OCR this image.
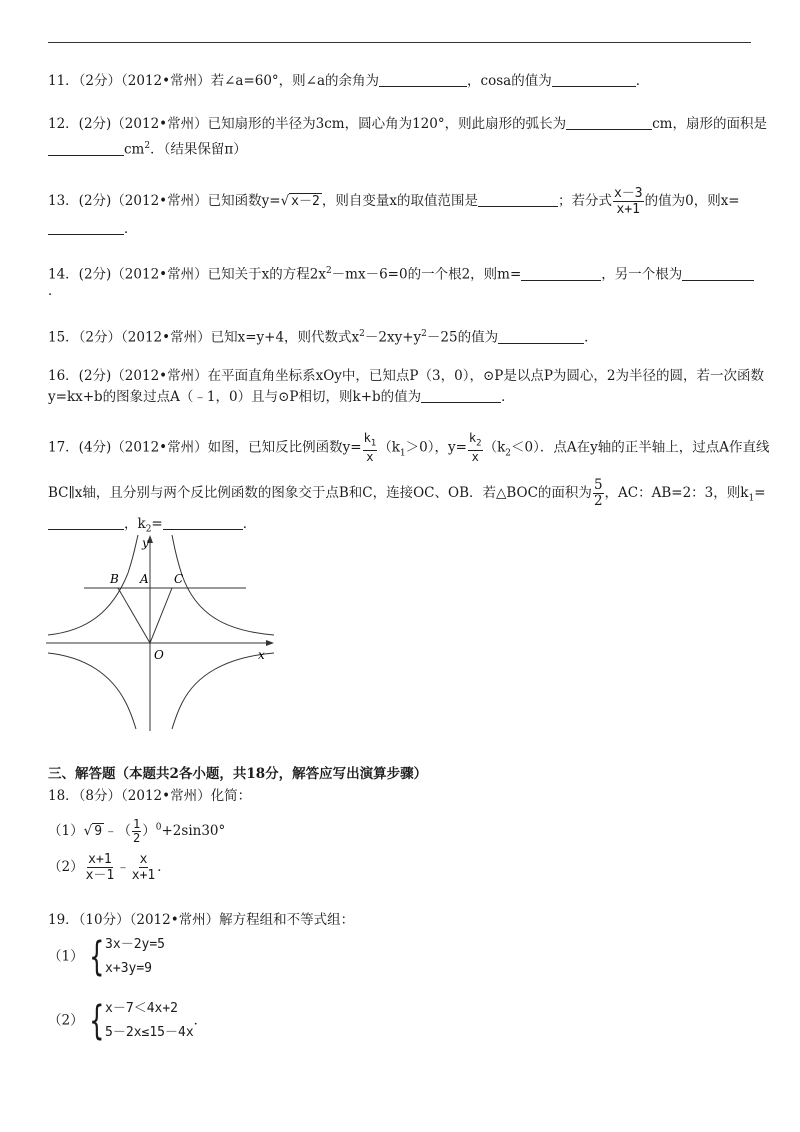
11．（2分）（2012•常州）若∠a=60°，则∠a的余角为	，cosa的值为	．
12．(2分)（2012•常州）已知扇形的半径为3cm，圆心角为120°，则此扇形的弧长为	cm，扇形的面积是
$cm^2$．（结果保留π）
13．(2分)（2012•常州）已知函数y=√ x－2 ，则自变量x的取值范围是	；若分式 $\frac{x-3}{x+1}$ 的值为0，则x=
．
14．(2分)（2012•常州）已知关于x的方程$2x^2-mx-6=0$的一个根2，则m=	，另一个根为
．
15．（2分）（2012•常州）已知x=y+4，则代数式$x^2-2xy+y^2-25$的值为	．
16．(2分)（2012•常州）在平面直角坐标系xOy中，已知点P（3，0），⊙P是以点P为圆心，2为半径的圆，若一次函数
y=kx+b的图象过点A（﹣1，0）且与⊙P相切，则k+b的值为	．
17．(4分)（2012•常州）如图，已知反比例函数$y= \frac{k_1}{x} (k_1>0)$，$y= \frac{k_2}{x} (k_2<0)$．点A在y轴的正半轴上，过点A作直线
BC∥x轴，且分别与两个反比例函数的图象交于点B和C，连接OC、OB．若△BOC的面积为 $\frac{5}{2}$ ，AC：AB=2：3，则$k_1=$
，$k_2=$	．
y
x
O
B A C
三、解答题（本题共2各小题，共18分，解答应写出演算步骤）
18．（8分）（2012•常州）化简：
（1）√ 9 ﹣（ $\frac{1}{2} )^0+2\sin 30^\circ$
$(2) \frac{x+1}{x-1}$ ﹣ $\frac{x}{x+1}$ ．
19．（10分）（2012•常州）解方程组和不等式组：
（1） { 3x－2y=5
x+3y=9
（2） { x－7＜4x+2
5－2x≤15－4x
．
